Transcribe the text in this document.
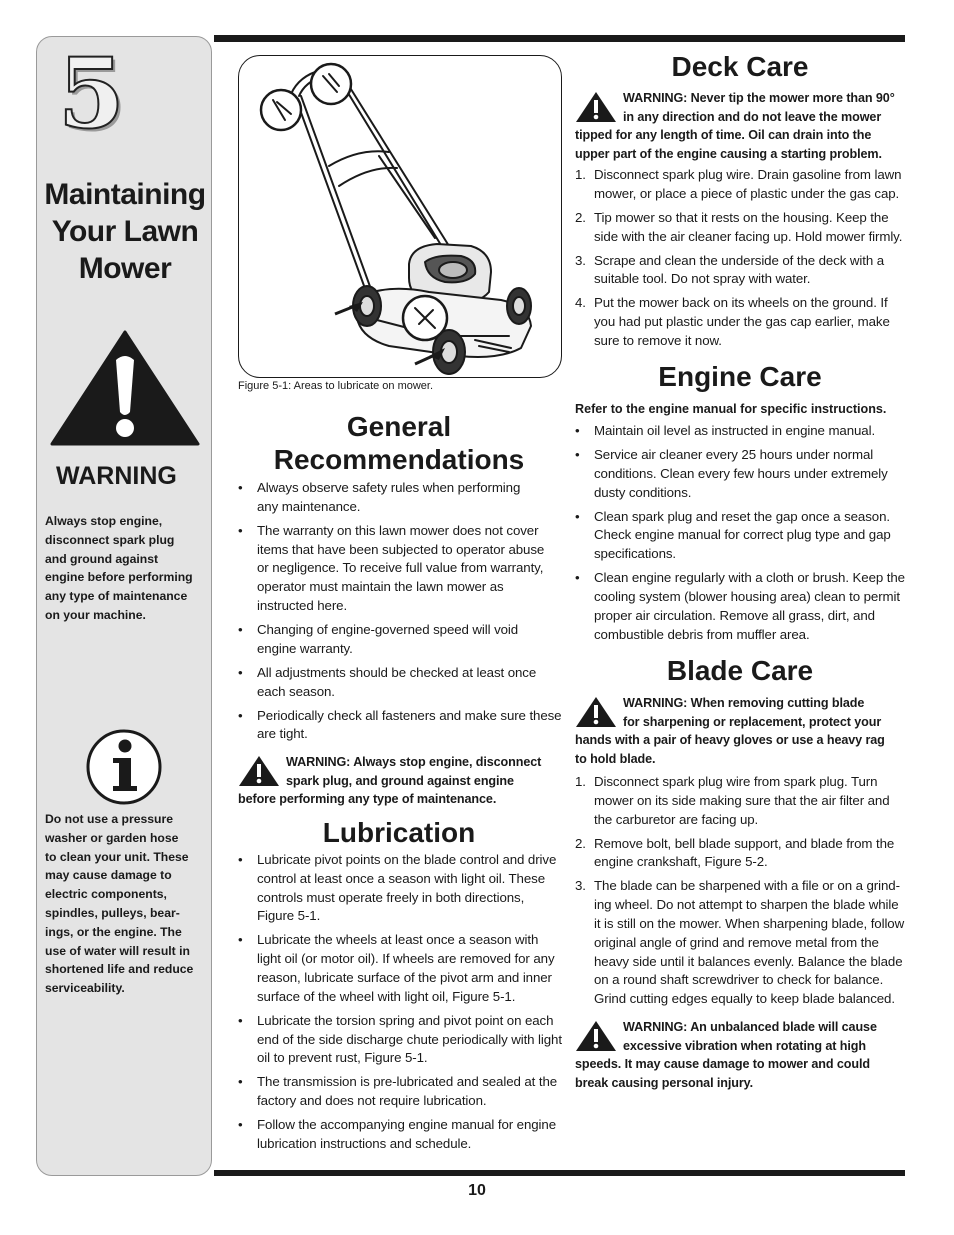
5
Maintaining
Your Lawn
Mower
WARNING
Always stop engine,
disconnect spark plug
and ground against
engine before performing
any type of maintenance
on your machine.
Do not use a pressure
washer or garden hose
to clean your unit. These
may cause damage to
electric components,
spindles, pulleys, bear-
ings, or the engine. The
use of water will result in
shortened life and reduce
serviceability.
Figure 5-1: Areas to lubricate on mower.
General
Recommendations
• Always observe safety rules when performing
any maintenance.
• The warranty on this lawn mower does not cover
items that have been subjected to operator abuse
or negligence. To receive full value from warranty,
operator must maintain the lawn mower as
instructed here.
• Changing of engine-governed speed will void
engine warranty.
• All adjustments should be checked at least once
each season.
• Periodically check all fasteners and make sure these
are tight.
WARNING: Always stop engine, disconnect
spark plug, and ground against engine
before performing any type of maintenance.
Lubrication
• Lubricate pivot points on the blade control and drive
control at least once a season with light oil. These
controls must operate freely in both directions,
Figure 5-1.
• Lubricate the wheels at least once a season with
light oil (or motor oil). If wheels are removed for any
reason, lubricate surface of the pivot arm and inner
surface of the wheel with light oil, Figure 5-1.
• Lubricate the torsion spring and pivot point on each
end of the side discharge chute periodically with light
oil to prevent rust, Figure 5-1.
• The transmission is pre-lubricated and sealed at the
factory and does not require lubrication.
• Follow the accompanying engine manual for engine
lubrication instructions and schedule.
Deck Care
WARNING: Never tip the mower more than 90°
in any direction and do not leave the mower
tipped for any length of time. Oil can drain into the
upper part of the engine causing a starting problem.
1. Disconnect spark plug wire. Drain gasoline from lawn
mower, or place a piece of plastic under the gas cap.
2. Tip mower so that it rests on the housing. Keep the
side with the air cleaner facing up. Hold mower firmly.
3. Scrape and clean the underside of the deck with a
suitable tool. Do not spray with water.
4. Put the mower back on its wheels on the ground. If
you had put plastic under the gas cap earlier, make
sure to remove it now.
Engine Care
Refer to the engine manual for specific instructions.
• Maintain oil level as instructed in engine manual.
• Service air cleaner every 25 hours under normal
conditions. Clean every few hours under extremely
dusty conditions.
• Clean spark plug and reset the gap once a season.
Check engine manual for correct plug type and gap
specifications.
• Clean engine regularly with a cloth or brush. Keep the
cooling system (blower housing area) clean to permit
proper air circulation. Remove all grass, dirt, and
combustible debris from muffler area.
Blade Care
WARNING: When removing cutting blade
for sharpening or replacement, protect your
hands with a pair of heavy gloves or use a heavy rag
to hold blade.
1. Disconnect spark plug wire from spark plug. Turn
mower on its side making sure that the air filter and
the carburetor are facing up.
2. Remove bolt, bell blade support, and blade from the
engine crankshaft, Figure 5-2.
3. The blade can be sharpened with a file or on a grind-
ing wheel. Do not attempt to sharpen the blade while
it is still on the mower. When sharpening blade, follow
original angle of grind and remove metal from the
heavy side until it balances evenly. Balance the blade
on a round shaft screwdriver to check for balance.
Grind cutting edges equally to keep blade balanced.
WARNING: An unbalanced blade will cause
excessive vibration when rotating at high
speeds. It may cause damage to mower and could
break causing personal injury.
10
